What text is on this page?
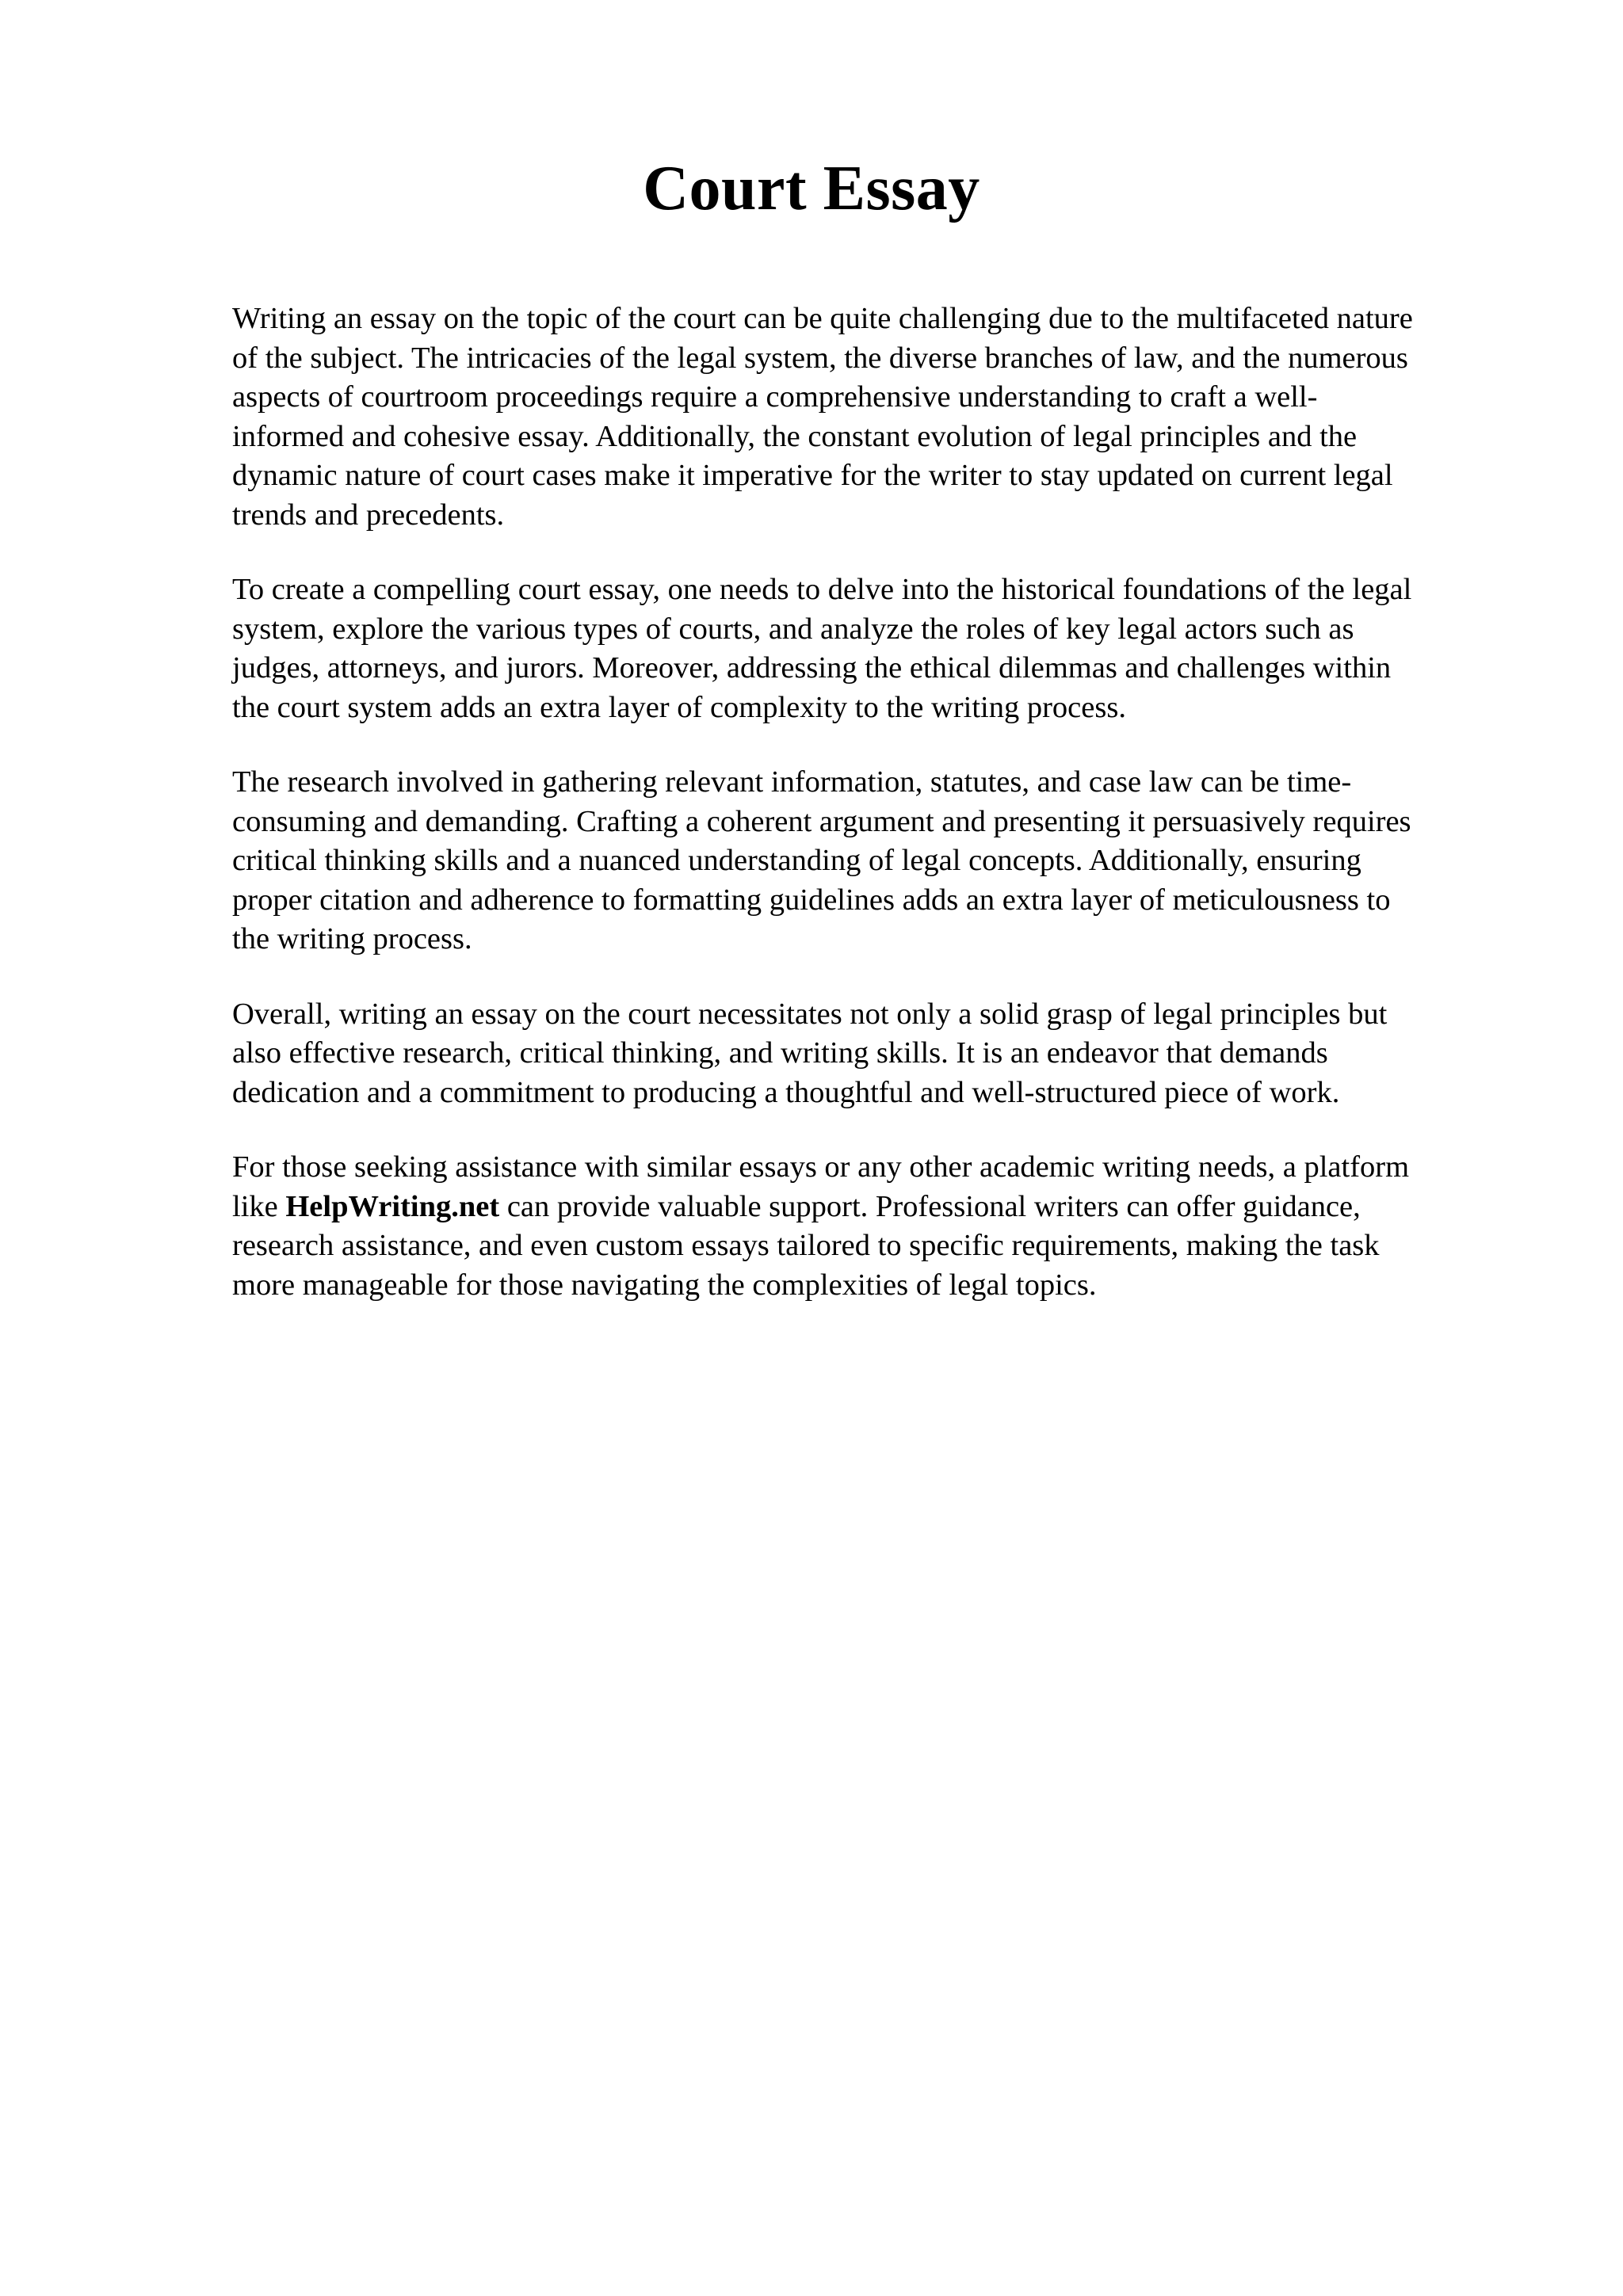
Court Essay

Writing an essay on the topic of the court can be quite challenging due to the multifaceted nature
of the subject. The intricacies of the legal system, the diverse branches of law, and the numerous
aspects of courtroom proceedings require a comprehensive understanding to craft a well-
informed and cohesive essay. Additionally, the constant evolution of legal principles and the
dynamic nature of court cases make it imperative for the writer to stay updated on current legal
trends and precedents.

To create a compelling court essay, one needs to delve into the historical foundations of the legal
system, explore the various types of courts, and analyze the roles of key legal actors such as
judges, attorneys, and jurors. Moreover, addressing the ethical dilemmas and challenges within
the court system adds an extra layer of complexity to the writing process.

The research involved in gathering relevant information, statutes, and case law can be time-
consuming and demanding. Crafting a coherent argument and presenting it persuasively requires
critical thinking skills and a nuanced understanding of legal concepts. Additionally, ensuring
proper citation and adherence to formatting guidelines adds an extra layer of meticulousness to
the writing process.

Overall, writing an essay on the court necessitates not only a solid grasp of legal principles but
also effective research, critical thinking, and writing skills. It is an endeavor that demands
dedication and a commitment to producing a thoughtful and well-structured piece of work.

For those seeking assistance with similar essays or any other academic writing needs, a platform
like HelpWriting.net can provide valuable support. Professional writers can offer guidance,
research assistance, and even custom essays tailored to specific requirements, making the task
more manageable for those navigating the complexities of legal topics.
